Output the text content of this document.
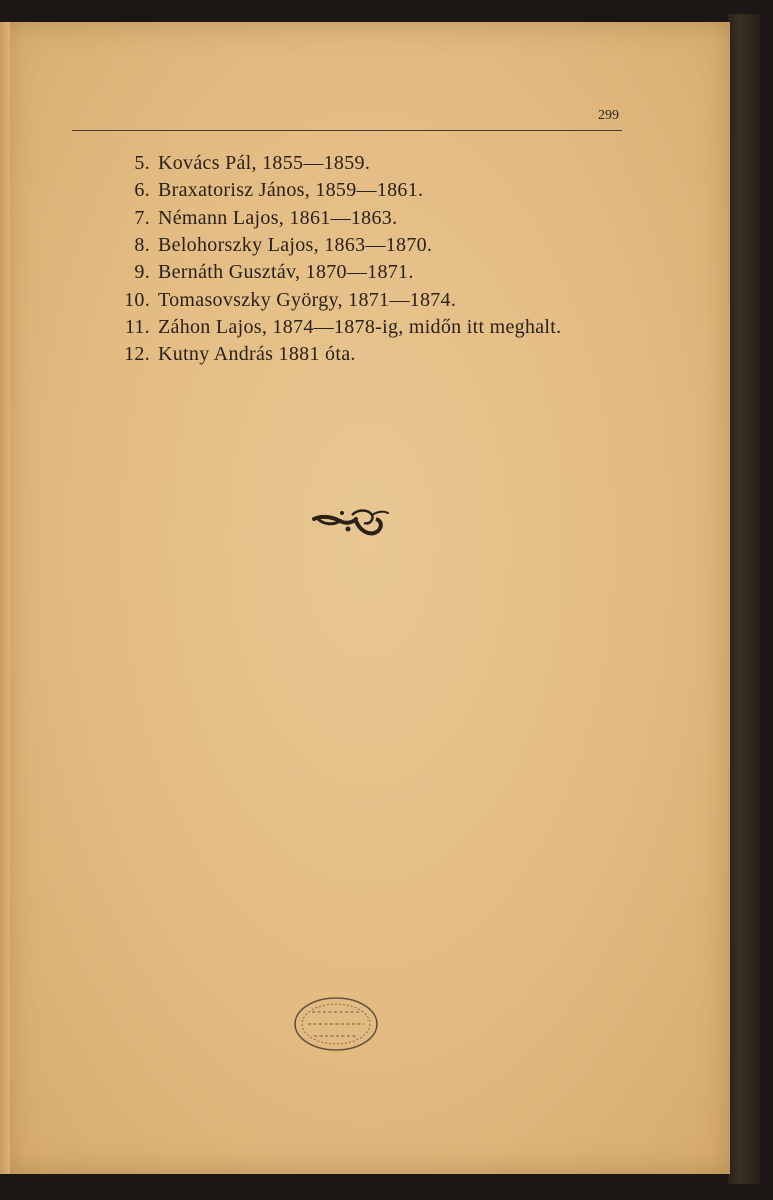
299
5. Kovács Pál, 1855—1859.
6. Braxatorisz János, 1859—1861.
7. Némann Lajos, 1861—1863.
8. Belohorszky Lajos, 1863—1870.
9. Bernáth Gusztáv, 1870—1871.
10. Tomasovszky György, 1871—1874.
11. Záhon Lajos, 1874—1878-ig, midőn itt meghalt.
12. Kutny András 1881 óta.
